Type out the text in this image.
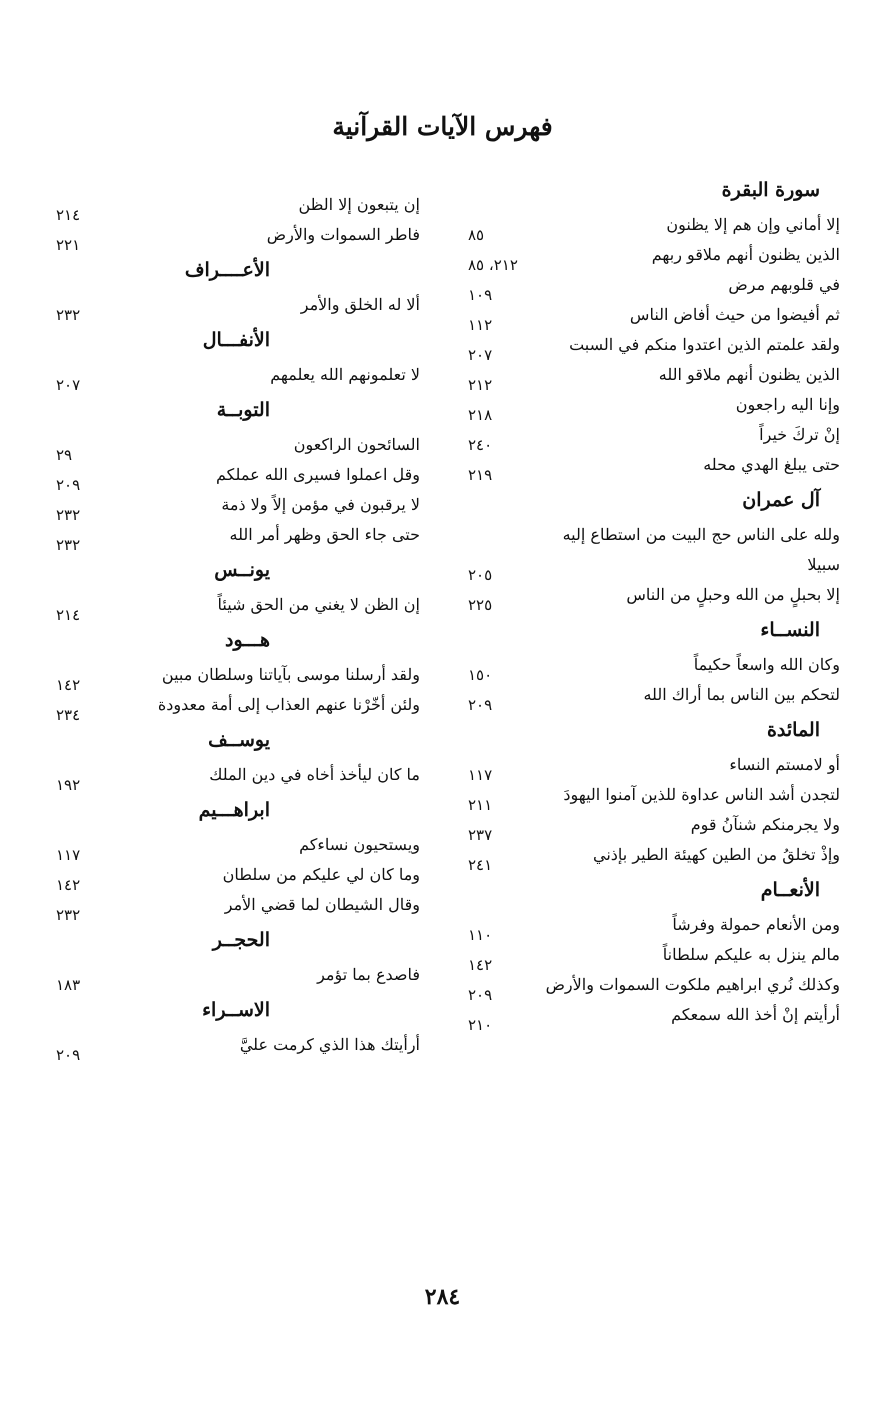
فهرس الآيات القرآنية
سورة البقرة
إلا أماني وإن هم إلا يظنون
٨٥
الذين يظنون أنهم ملاقو ربهم
٢١٢، ٨٥
في قلوبهم مرض
١٠٩
ثم أفيضوا من حيث أفاض الناس
١١٢
ولقد علمتم الذين اعتدوا منكم في السبت
٢٠٧
الذين يظنون أنهم ملاقو الله
٢١٢
وإنا اليه راجعون
٢١٨
إنْ تركَ خيراً
٢٤٠
حتى يبلغ الهدي محله
٢١٩
آل عمران
ولله على الناس حج البيت من استطاع إليه سبيلا
٢٠٥
إلا بحبلٍ من الله وحبلٍ من الناس
٢٢٥
النســاء
وكان الله واسعاً حكيماً
١٥٠
لتحكم بين الناس بما أراك الله
٢٠٩
المائدة
أو لامستم النساء
١١٧
لتجدن أشد الناس عداوة للذين آمنوا اليهودَ
٢١١
ولا يجرمنكم شنآنُ قوم
٢٣٧
وإذْ تخلقُ من الطين كهيئة الطير بإذني
٢٤١
الأنعــام
ومن الأنعام حمولة وفرشاً
١١٠
مالم ينزل به عليكم سلطاناً
١٤٢
وكذلك نُري ابراهيم ملكوت السموات والأرض
٢٠٩
أرأيتم إنْ أخذ الله سمعكم
٢١٠
إن يتبعون إلا الظن
٢١٤
فاطر السموات والأرض
٢٢١
الأعــــراف
ألا له الخلق والأمر
٢٣٢
الأنفـــال
لا تعلمونهم الله يعلمهم
٢٠٧
التوبــة
السائحون الراكعون
٢٩
وقل اعملوا فسيرى الله عملكم
٢٠٩
لا يرقبون في مؤمن إلاً ولا ذمة
٢٣٢
حتى جاء الحق وظهر أمر الله
٢٣٢
يونــس
إن الظن لا يغني من الحق شيئاً
٢١٤
هـــود
ولقد أرسلنا موسى بآياتنا وسلطان مبين
١٤٢
ولئن أخّرْنا عنهم العذاب إلى أمة معدودة
٢٣٤
يوســف
ما كان ليأخذ أخاه في دين الملك
١٩٢
ابراهـــيم
ويستحيون نساءكم
١١٧
وما كان لي عليكم من سلطان
١٤٢
وقال الشيطان لما قضي الأمر
٢٣٢
الحجــر
فاصدع بما تؤمر
١٨٣
الاســراء
أرأيتك هذا الذي كرمت عليَّ
٢٠٩
٢٨٤
